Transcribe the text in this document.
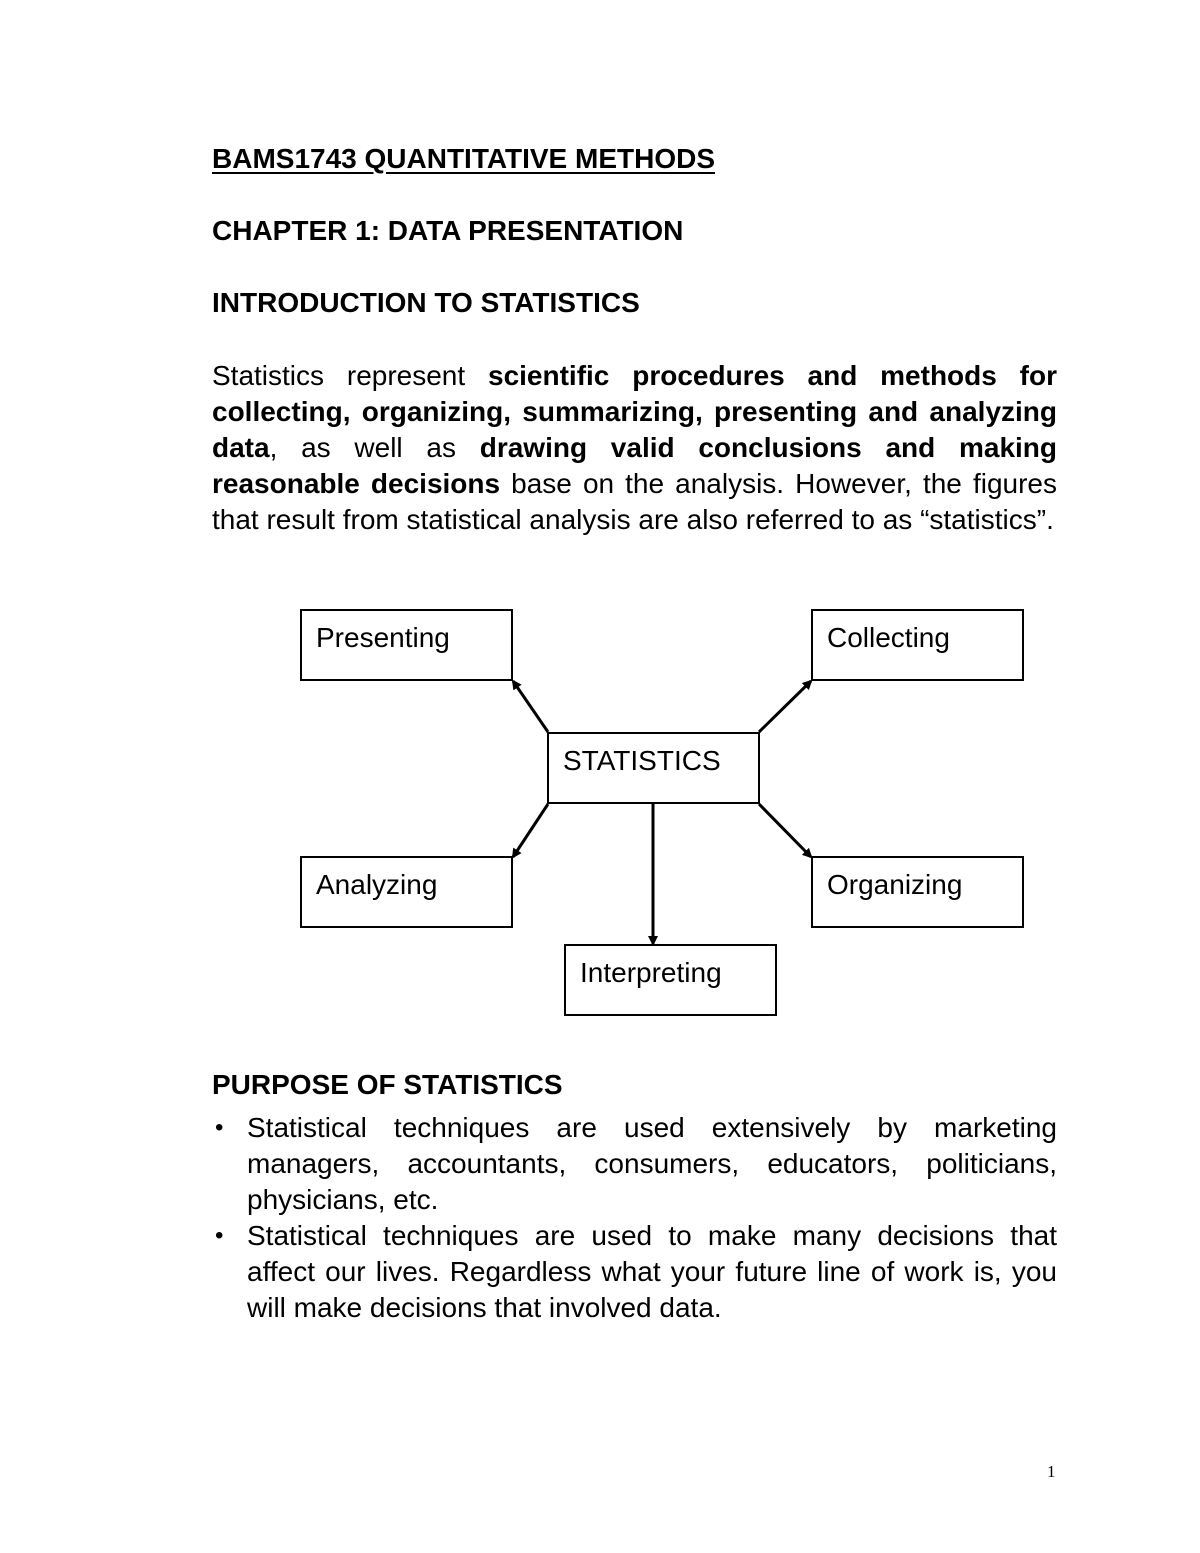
BAMS1743 QUANTITATIVE METHODS
CHAPTER 1: DATA PRESENTATION
INTRODUCTION TO STATISTICS

Statistics represent scientific procedures and methods for collecting, organizing, summarizing, presenting and analyzing data, as well as drawing valid conclusions and making reasonable decisions base on the analysis. However, the figures that result from statistical analysis are also referred to as “statistics”.

Presenting	Collecting
STATISTICS
Analyzing	Organizing
Interpreting
PURPOSE OF STATISTICS
• Statistical techniques are used extensively by marketing managers, accountants, consumers, educators, politicians, physicians, etc.
• Statistical techniques are used to make many decisions that affect our lives. Regardless what your future line of work is, you will make decisions that involved data.
1
